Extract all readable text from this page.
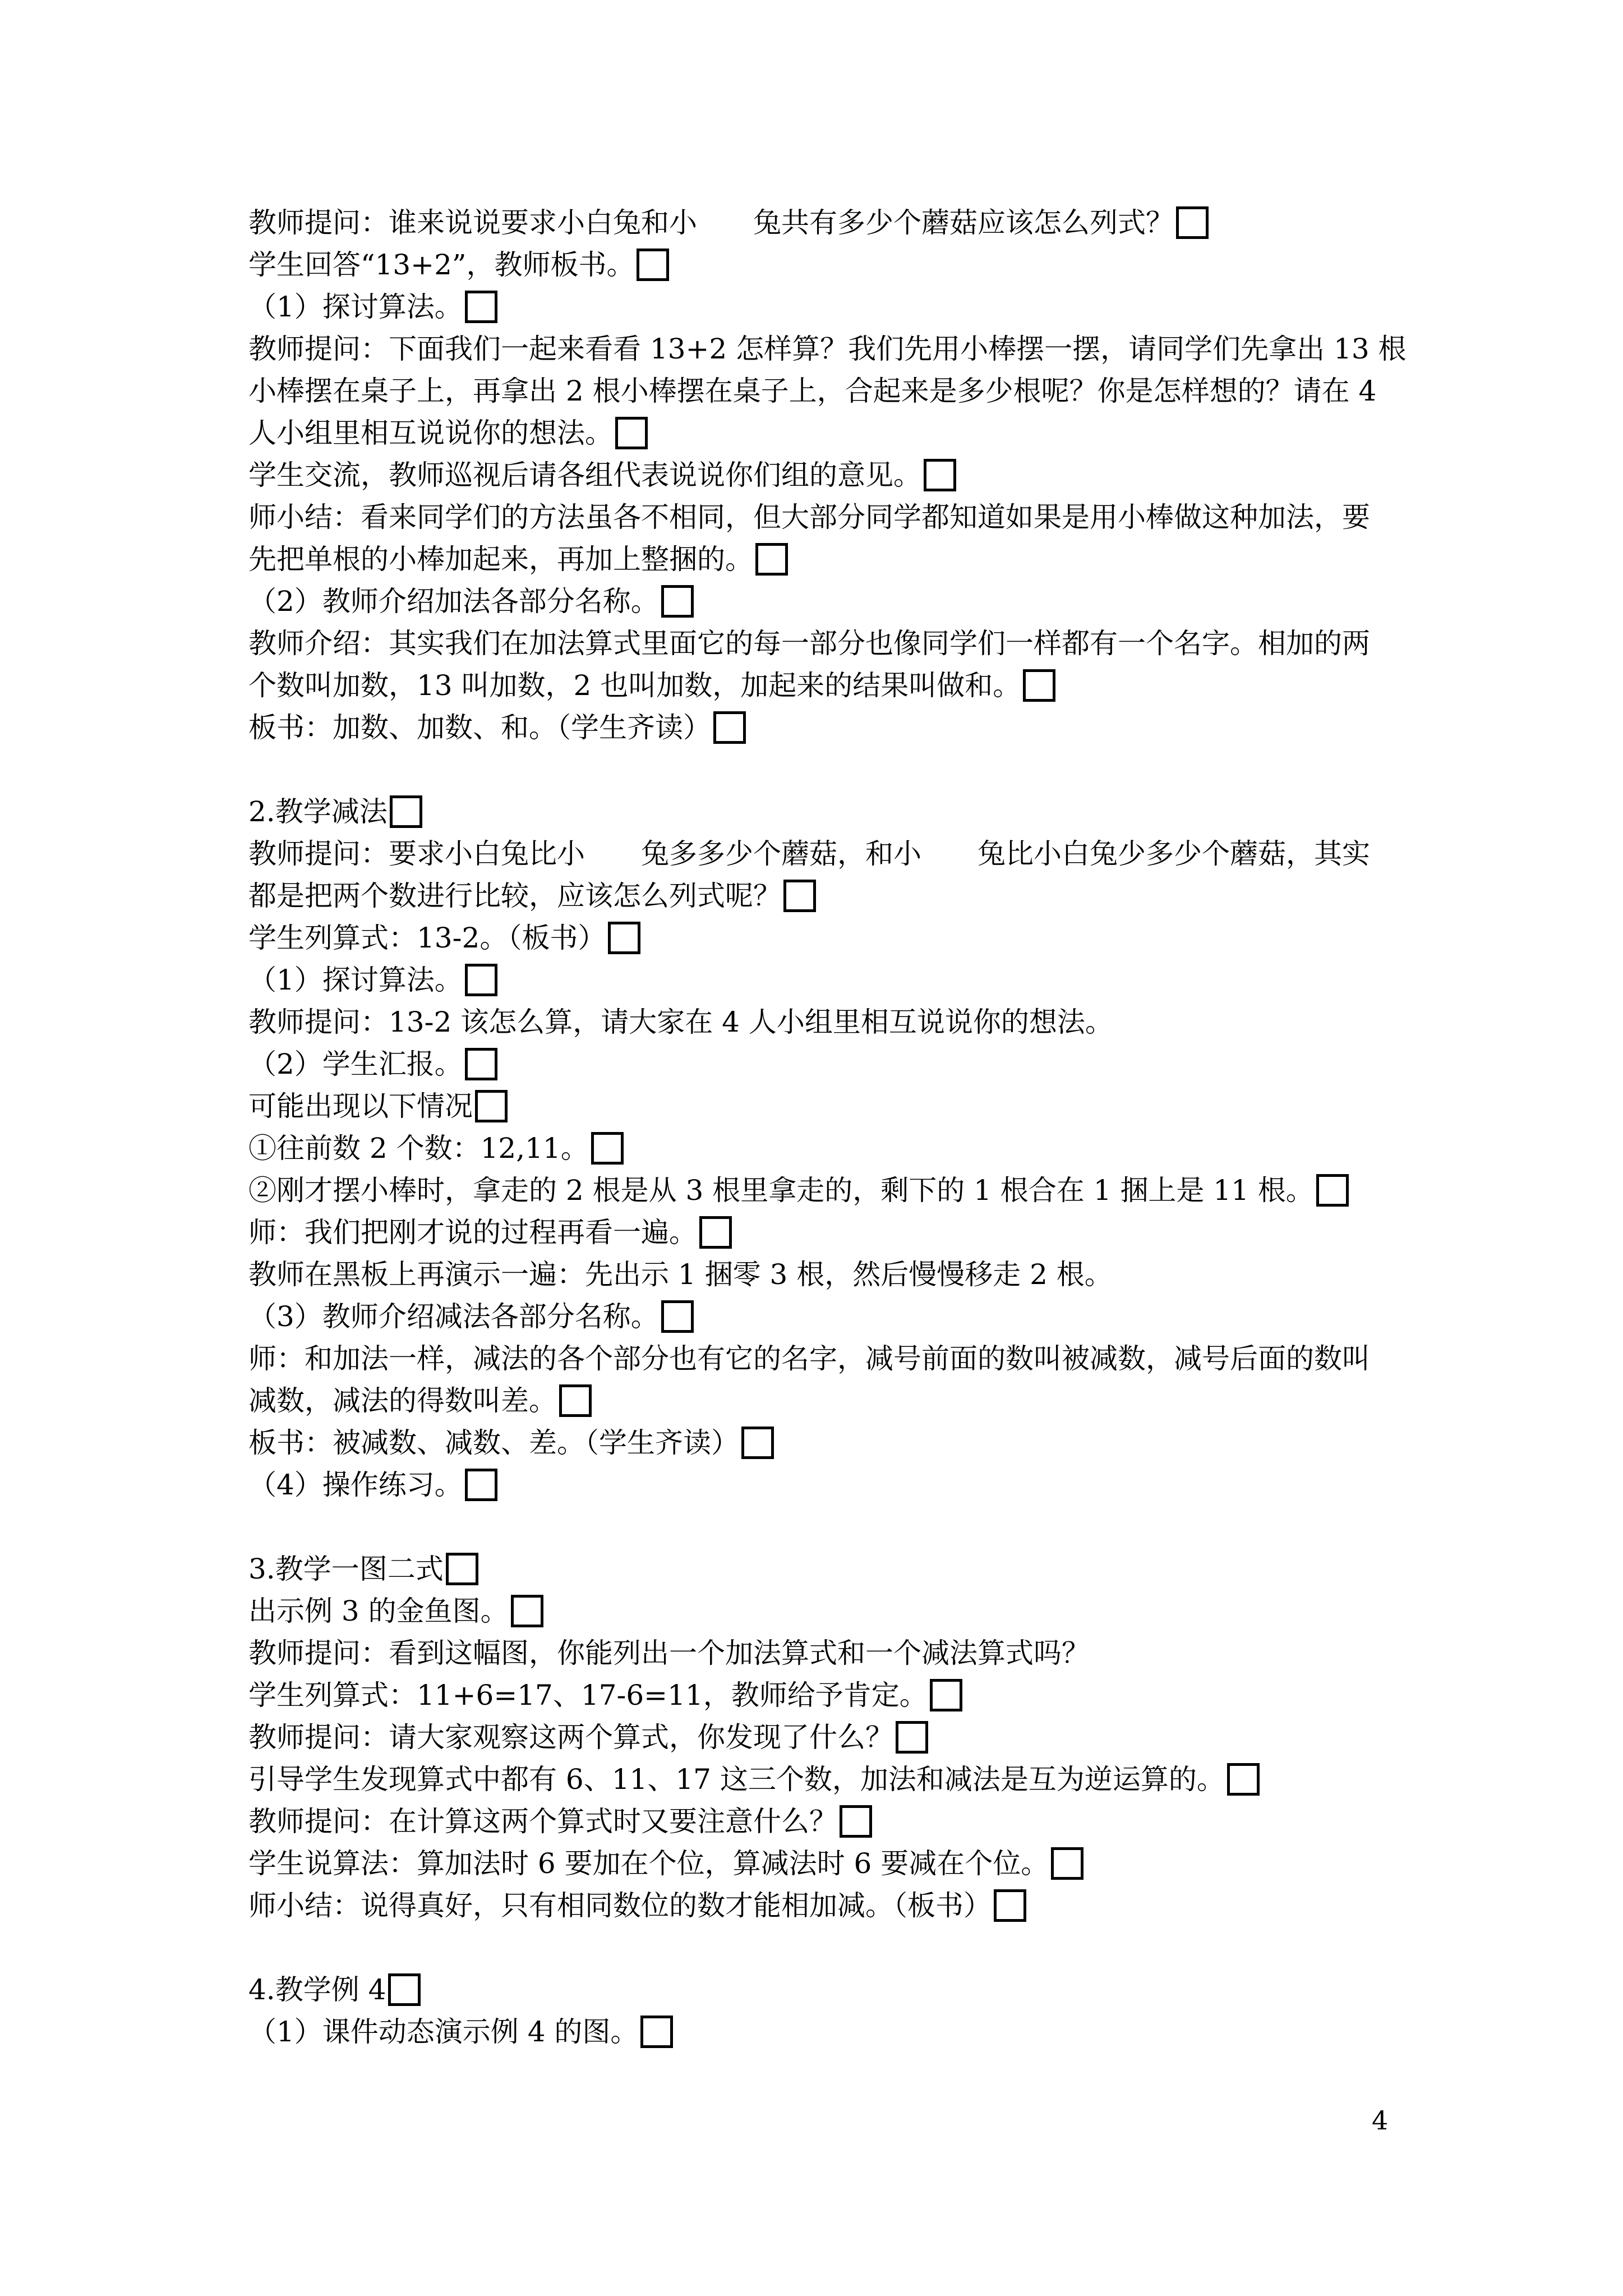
4
教师提问：谁来说说要求小白兔和小　　兔共有多少个蘑菇应该怎么列式？
学生回答“13+2”，教师板书。
（1）探讨算法。
教师提问：下面我们一起来看看 13+2 怎样算？我们先用小棒摆一摆，请同学们先拿出 13 根
小棒摆在桌子上，再拿出 2 根小棒摆在桌子上，合起来是多少根呢？你是怎样想的？请在 4
人小组里相互说说你的想法。
学生交流，教师巡视后请各组代表说说你们组的意见。
师小结：看来同学们的方法虽各不相同，但大部分同学都知道如果是用小棒做这种加法，要
先把单根的小棒加起来，再加上整捆的。
（2）教师介绍加法各部分名称。
教师介绍：其实我们在加法算式里面它的每一部分也像同学们一样都有一个名字。相加的两
个数叫加数，13 叫加数，2 也叫加数，加起来的结果叫做和。
板书：加数、加数、和。（学生齐读）
2.教学减法
教师提问：要求小白兔比小　　兔多多少个蘑菇，和小　　兔比小白兔少多少个蘑菇，其实
都是把两个数进行比较，应该怎么列式呢？
学生列算式：13-2。（板书）
（1）探讨算法。
教师提问：13-2 该怎么算，请大家在 4 人小组里相互说说你的想法。
（2）学生汇报。
可能出现以下情况
①往前数 2 个数：12,11。
②刚才摆小棒时，拿走的 2 根是从 3 根里拿走的，剩下的 1 根合在 1 捆上是 11 根。
师：我们把刚才说的过程再看一遍。
教师在黑板上再演示一遍：先出示 1 捆零 3 根，然后慢慢移走 2 根。
（3）教师介绍减法各部分名称。
师：和加法一样，减法的各个部分也有它的名字，减号前面的数叫被减数，减号后面的数叫
减数，减法的得数叫差。
板书：被减数、减数、差。（学生齐读）
（4）操作练习。
3.教学一图二式
出示例 3 的金鱼图。
教师提问：看到这幅图，你能列出一个加法算式和一个减法算式吗？
学生列算式：11+6=17、17-6=11，教师给予肯定。
教师提问：请大家观察这两个算式，你发现了什么？
引导学生发现算式中都有 6、11、17 这三个数，加法和减法是互为逆运算的。
教师提问：在计算这两个算式时又要注意什么？
学生说算法：算加法时 6 要加在个位，算减法时 6 要减在个位。
师小结：说得真好，只有相同数位的数才能相加减。（板书）
4.教学例 4
（1）课件动态演示例 4 的图。
